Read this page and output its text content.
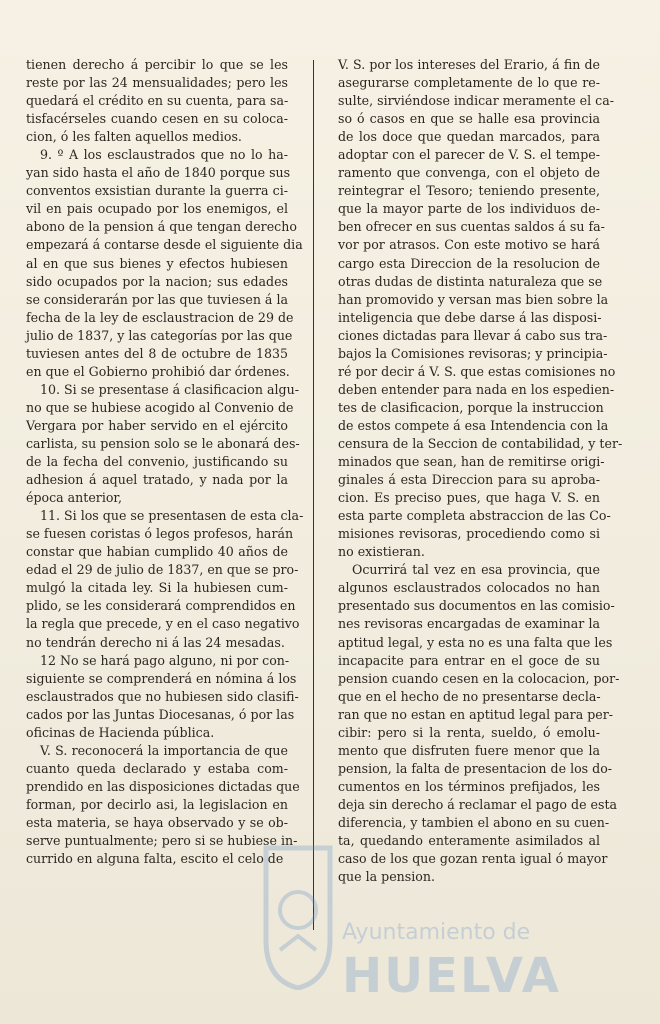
tienen derecho á percibir lo que se les
reste por las 24 mensualidades; pero les
quedará el crédito en su cuenta, para sa-
tisfacérseles cuando cesen en su coloca-
cion, ó les falten aquellos medios.
9. º A los esclaustrados que no lo ha-
yan sido hasta el año de 1840 porque sus
conventos exsistian durante la guerra ci-
vil en pais ocupado por los enemigos, el
abono de la pension á que tengan derecho
empezará á contarse desde el siguiente dia
al en que sus bienes y efectos hubiesen
sido ocupados por la nacion; sus edades
se considerarán por las que tuviesen á la
fecha de la ley de esclaustracion de 29 de
julio de 1837, y las categorías por las que
tuviesen antes del 8 de octubre de 1835
en que el Gobierno prohibió dar órdenes.
10. Si se presentase á clasificacion algu-
no que se hubiese acogido al Convenio de
Vergara por haber servido en el ejército
carlista, su pension solo se le abonará des-
de la fecha del convenio, justificando su
adhesion á aquel tratado, y nada por la
época anterior,
11. Si los que se presentasen de esta cla-
se fuesen coristas ó legos profesos, harán
constar que habian cumplido 40 años de
edad el 29 de julio de 1837, en que se pro-
mulgó la citada ley. Si la hubiesen cum-
plido, se les considerará comprendidos en
la regla que precede, y en el caso negativo
no tendrán derecho ni á las 24 mesadas.
12 No se hará pago alguno, ni por con-
siguiente se comprenderá en nómina á los
esclaustrados que no hubiesen sido clasifi-
cados por las Juntas Diocesanas, ó por las
oficinas de Hacienda pública.
V. S. reconocerá la importancia de que
cuanto queda declarado y estaba com-
prendido en las disposiciones dictadas que
forman, por decirlo asi, la legislacion en
esta materia, se haya observado y se ob-
serve puntualmente; pero si se hubiese in-
currido en alguna falta, escito el celo de
V. S. por los intereses del Erario, á fin de
asegurarse completamente de lo que re-
sulte, sirviéndose indicar meramente el ca-
so ó casos en que se halle esa provincia
de los doce que quedan marcados, para
adoptar con el parecer de V. S. el tempe-
ramento que convenga, con el objeto de
reintegrar el Tesoro; teniendo presente,
que la mayor parte de los individuos de-
ben ofrecer en sus cuentas saldos á su fa-
vor por atrasos. Con este motivo se hará
cargo esta Direccion de la resolucion de
otras dudas de distinta naturaleza que se
han promovido y versan mas bien sobre la
inteligencia que debe darse á las disposi-
ciones dictadas para llevar á cabo sus tra-
bajos la Comisiones revisoras; y principia-
ré por decir á V. S. que estas comisiones no
deben entender para nada en los espedien-
tes de clasificacion, porque la instruccion
de estos compete á esa Intendencia con la
censura de la Seccion de contabilidad, y ter-
minados que sean, han de remitirse origi-
ginales á esta Direccion para su aproba-
cion. Es preciso pues, que haga V. S. en
esta parte completa abstraccion de las Co-
misiones revisoras, procediendo como si
no existieran.
Ocurrirá tal vez en esa provincia, que
algunos esclaustrados colocados no han
presentado sus documentos en las comisio-
nes revisoras encargadas de examinar la
aptitud legal, y esta no es una falta que les
incapacite para entrar en el goce de su
pension cuando cesen en la colocacion, por-
que en el hecho de no presentarse decla-
ran que no estan en aptitud legal para per-
cibir: pero si la renta, sueldo, ó emolu-
mento que disfruten fuere menor que la
pension, la falta de presentacion de los do-
cumentos en los términos prefijados, les
deja sin derecho á reclamar el pago de esta
diferencia, y tambien el abono en su cuen-
ta, quedando enteramente asimilados al
caso de los que gozan renta igual ó mayor
que la pension.
Ayuntamiento de
HUELVA
